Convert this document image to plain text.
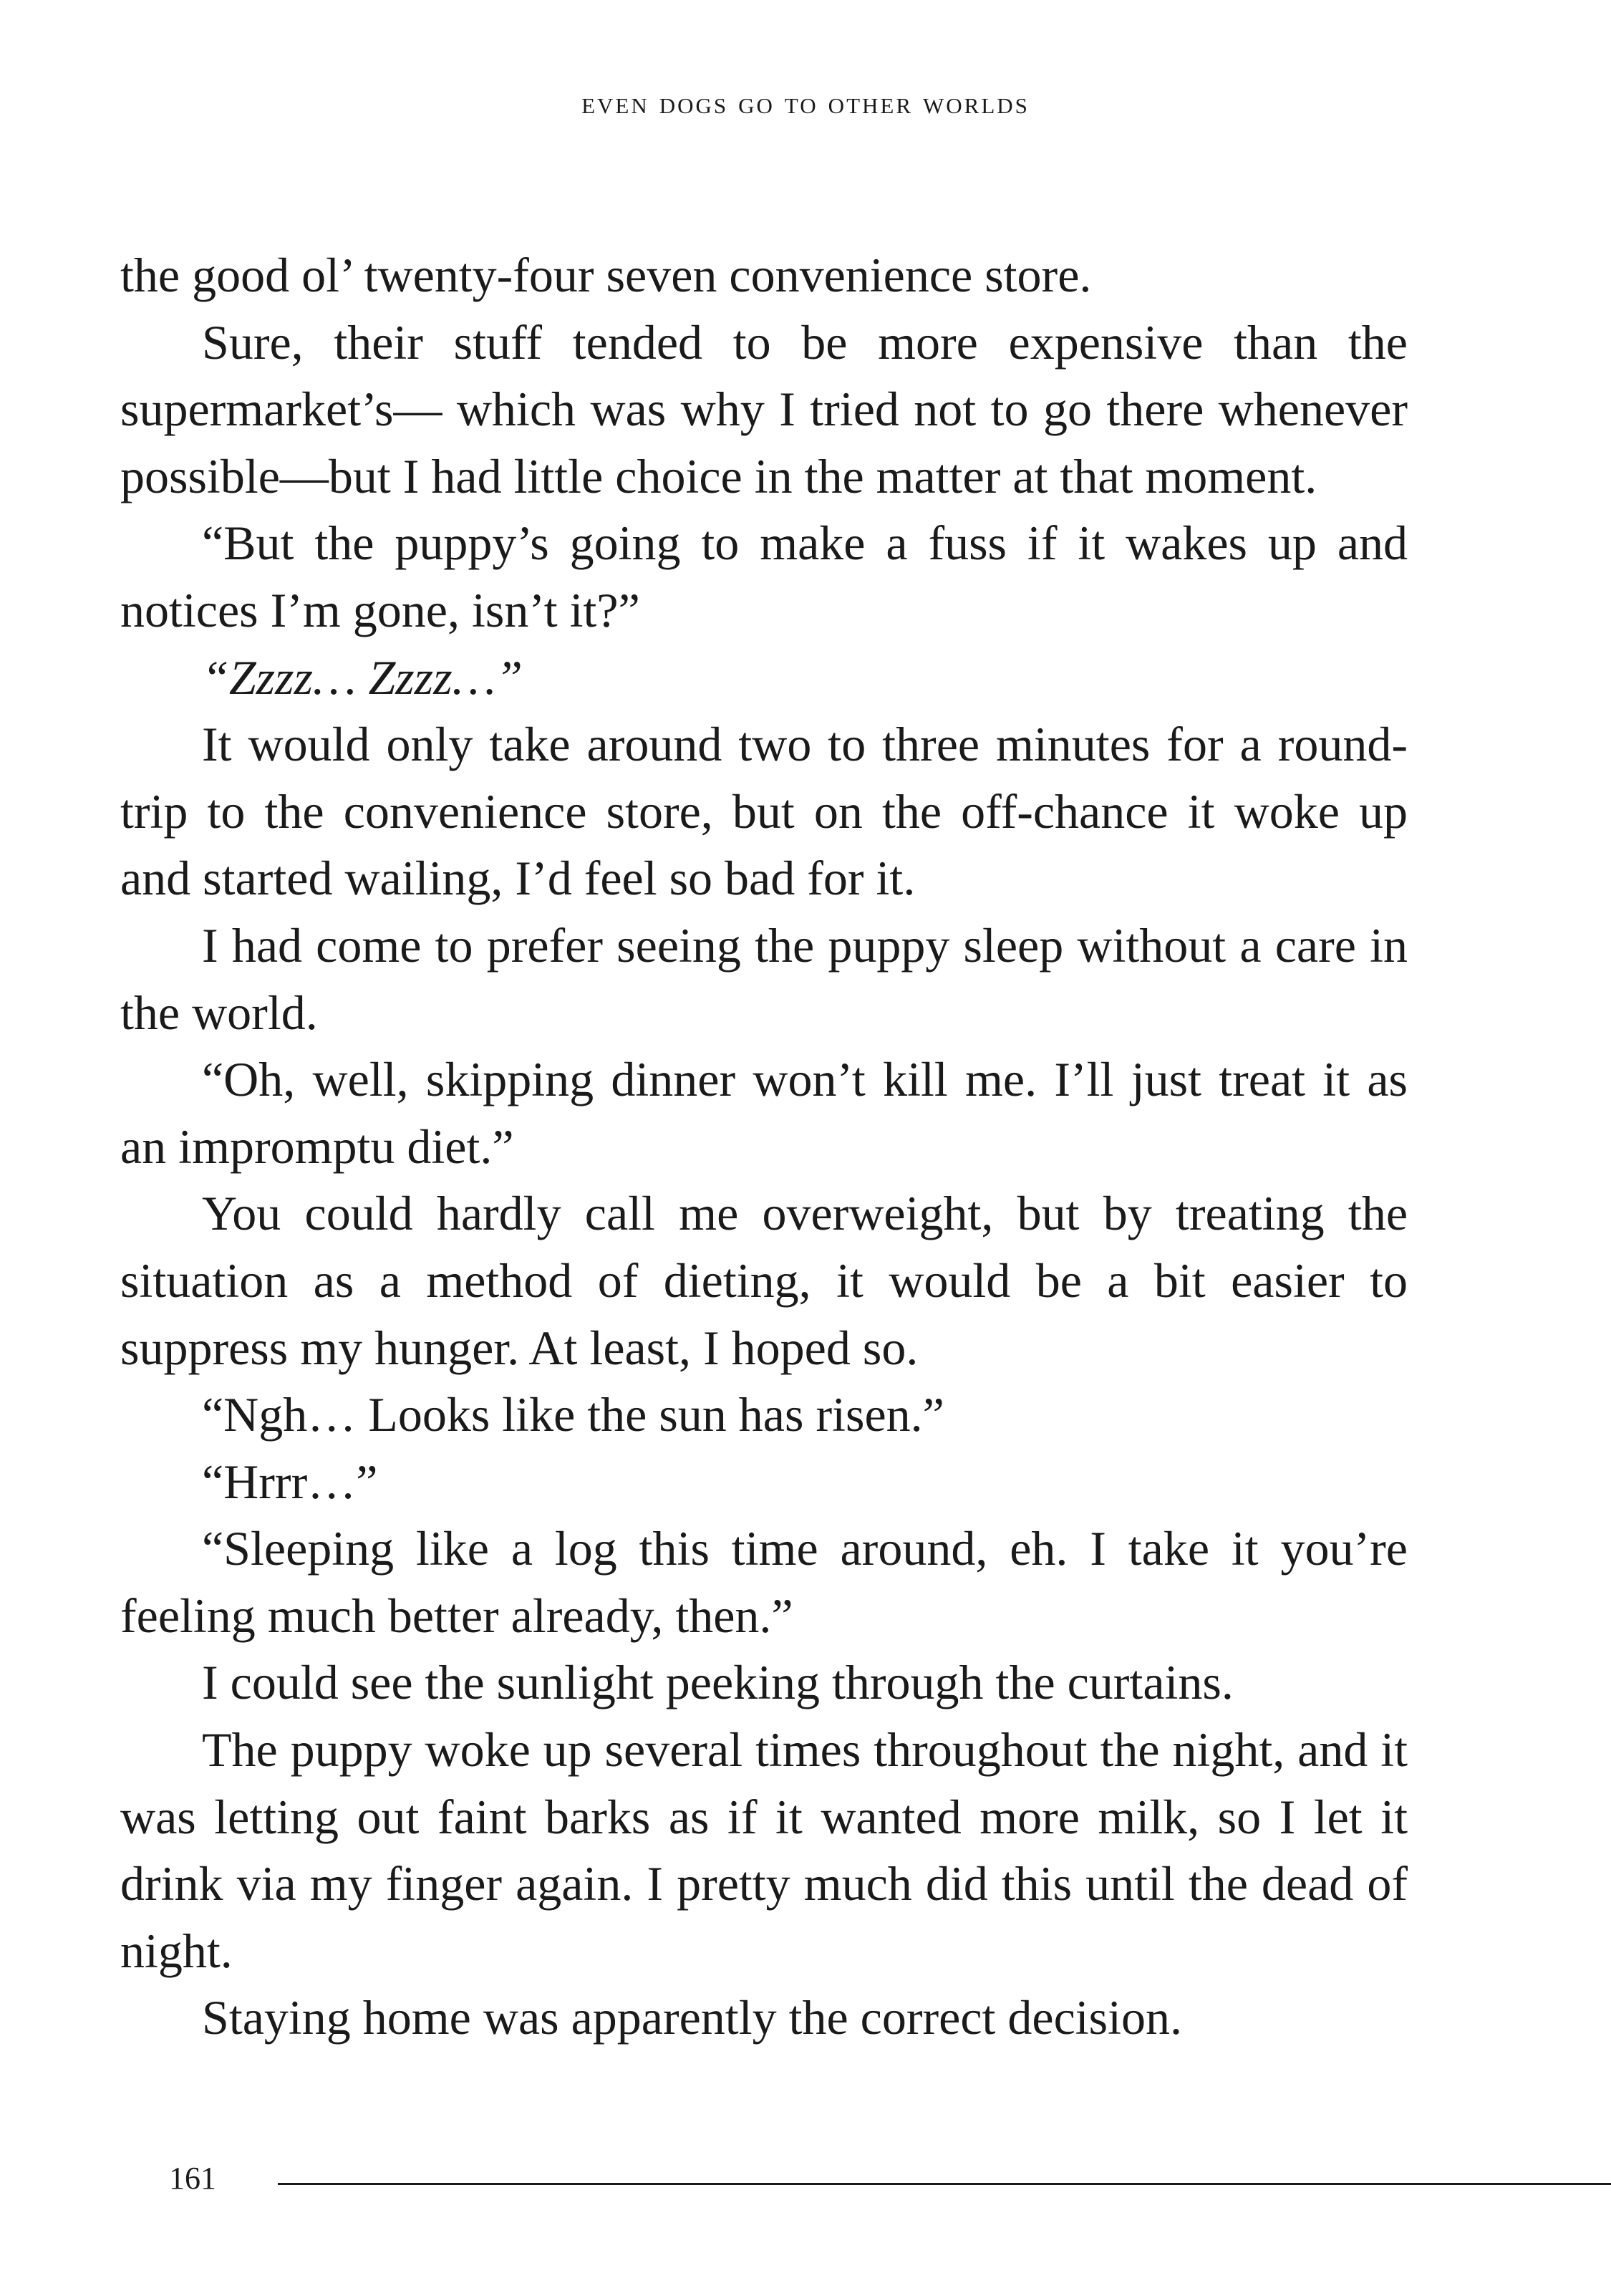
even dogs go to other worlds

the good ol’ twenty-four seven convenience store.

Sure, their stuff tended to be more expensive than the supermarket’s— which was why I tried not to go there whenever possible—but I had little choice in the matter at that moment.

“But the puppy’s going to make a fuss if it wakes up and notices I’m gone, isn’t it?”

“Zzzz… Zzzz…”

It would only take around two to three minutes for a round-trip to the convenience store, but on the off-chance it woke up and started wailing, I’d feel so bad for it.

I had come to prefer seeing the puppy sleep without a care in the world.

“Oh, well, skipping dinner won’t kill me. I’ll just treat it as an impromptu diet.”

You could hardly call me overweight, but by treating the situation as a method of dieting, it would be a bit easier to suppress my hunger. At least, I hoped so.

“Ngh… Looks like the sun has risen.”

“Hrrr…”

“Sleeping like a log this time around, eh. I take it you’re feeling much better already, then.”

I could see the sunlight peeking through the curtains.

The puppy woke up several times throughout the night, and it was letting out faint barks as if it wanted more milk, so I let it drink via my finger again. I pretty much did this until the dead of night.

Staying home was apparently the correct decision.

161
